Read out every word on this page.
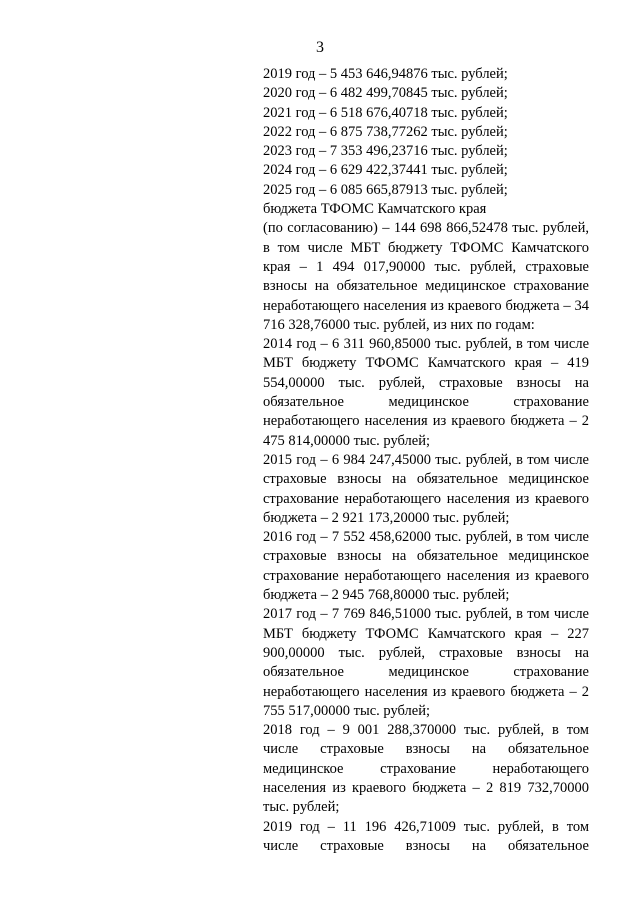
3

2019 год – 5 453 646,94876 тыс. рублей;

2020 год – 6 482 499,70845 тыс. рублей;

2021 год – 6 518 676,40718 тыс. рублей;

2022 год – 6 875 738,77262 тыс. рублей;

2023 год – 7 353 496,23716 тыс. рублей;

2024 год – 6 629 422,37441 тыс. рублей;

2025 год – 6 085 665,87913 тыс. рублей;

бюджета ТФОМС Камчатского края

(по согласованию) – 144 698 866,52478 тыс. рублей, в том числе МБТ бюджету ТФОМС Камчатского края – 1 494 017,90000 тыс. рублей, страховые взносы на обязательное медицинское страхование неработающего населения из краевого бюджета – 34 716 328,76000 тыс. рублей, из них по годам:

2014 год – 6 311 960,85000 тыс. рублей, в том числе МБТ бюджету ТФОМС Камчатского края – 419 554,00000 тыс. рублей, страховые взносы на обязательное медицинское страхование неработающего населения из краевого бюджета – 2 475 814,00000 тыс. рублей;

2015 год – 6 984 247,45000 тыс. рублей, в том числе страховые взносы на обязательное медицинское страхование неработающего населения из краевого бюджета – 2 921 173,20000 тыс. рублей;

2016 год – 7 552 458,62000 тыс. рублей, в том числе страховые взносы на обязательное медицинское страхование неработающего населения из краевого бюджета – 2 945 768,80000 тыс. рублей;

2017 год – 7 769 846,51000 тыс. рублей, в том числе МБТ бюджету ТФОМС Камчатского края – 227 900,00000 тыс. рублей, страховые взносы на обязательное медицинское страхование неработающего населения из краевого бюджета – 2 755 517,00000 тыс. рублей;

2018 год – 9 001 288,370000 тыс. рублей, в том числе страховые взносы на обязательное медицинское страхование неработающего населения из краевого бюджета – 2 819 732,70000 тыс. рублей;

2019 год – 11 196 426,71009 тыс. рублей, в том числе страховые взносы на обязательное
